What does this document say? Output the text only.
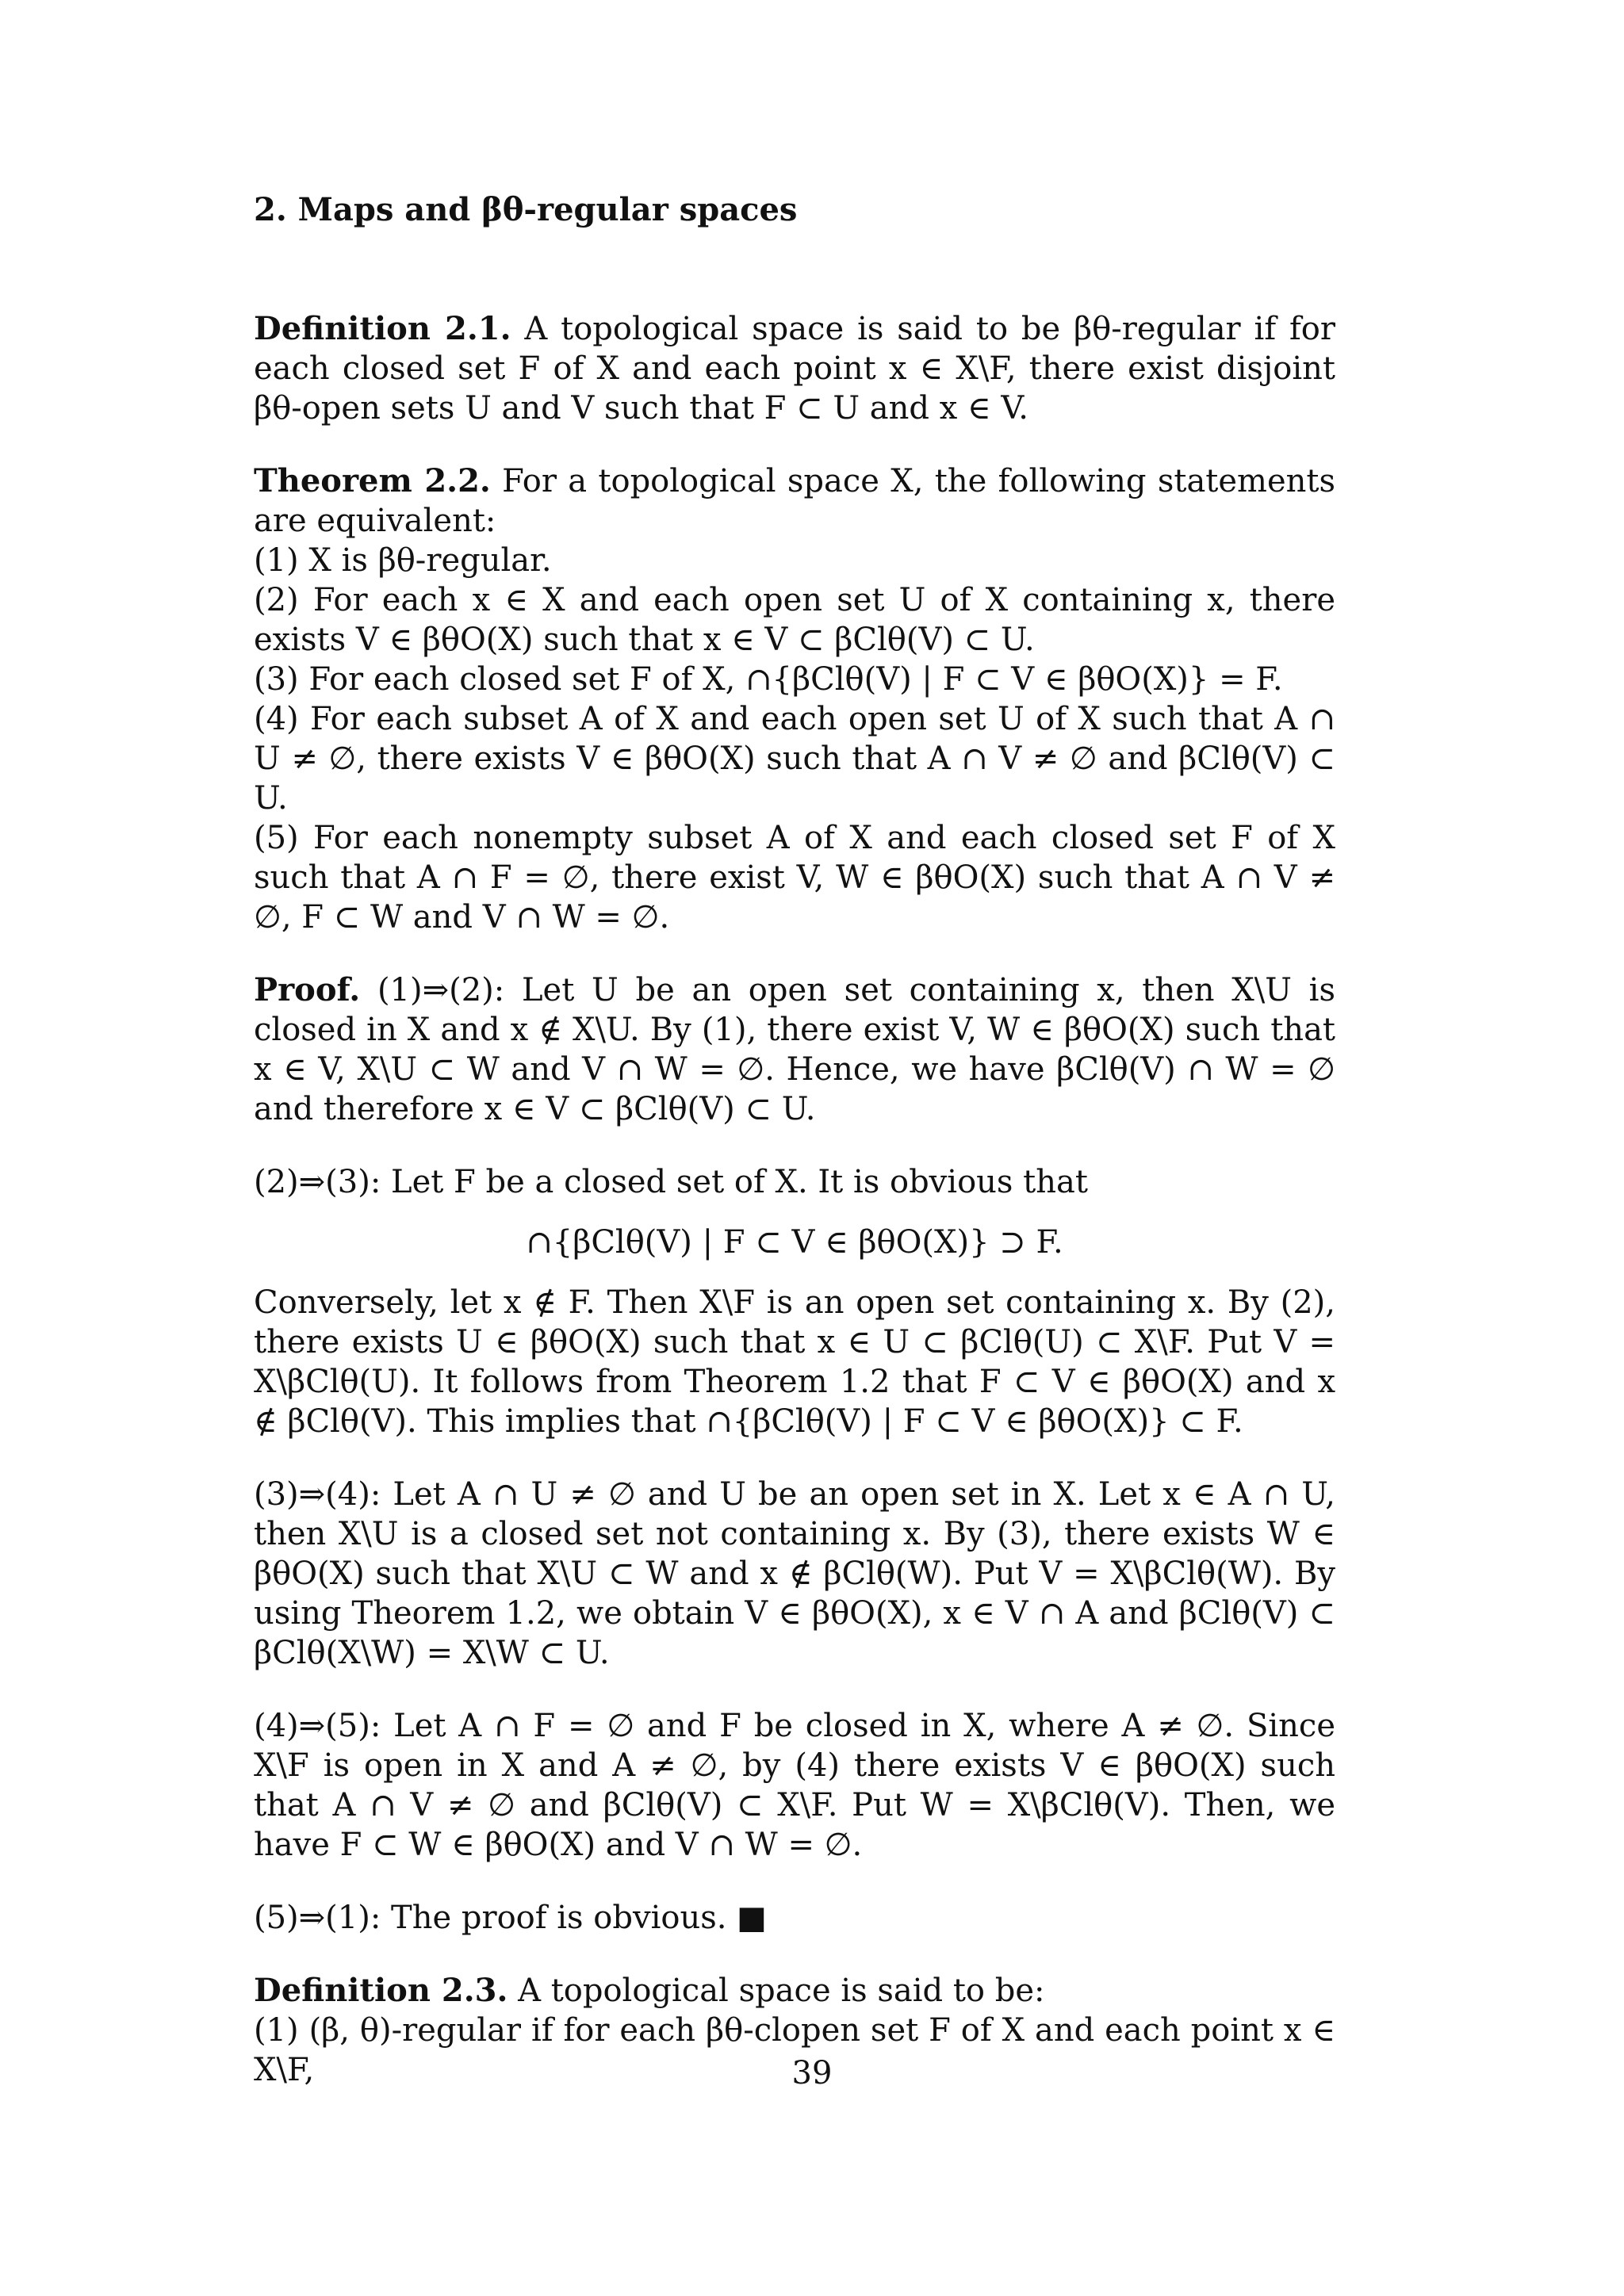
2. Maps and βθ-regular spaces
Definition 2.1. A topological space is said to be βθ-regular if for each closed set F of X and each point x ∈ X\F, there exist disjoint βθ-open sets U and V such that F ⊂ U and x ∈ V.
Theorem 2.2. For a topological space X, the following statements are equivalent:
(1) X is βθ-regular.
(2) For each x ∈ X and each open set U of X containing x, there exists V ∈ βθO(X) such that x ∈ V ⊂ βClθ(V) ⊂ U.
(3) For each closed set F of X, ∩{βClθ(V) | F ⊂ V ∈ βθO(X)} = F.
(4) For each subset A of X and each open set U of X such that A ∩ U ≠ ∅, there exists V ∈ βθO(X) such that A ∩ V ≠ ∅ and βClθ(V) ⊂ U.
(5) For each nonempty subset A of X and each closed set F of X such that A ∩ F = ∅, there exist V, W ∈ βθO(X) such that A ∩ V ≠ ∅, F ⊂ W and V ∩ W = ∅.
Proof. (1)⇒(2): Let U be an open set containing x, then X\U is closed in X and x ∉ X\U. By (1), there exist V, W ∈ βθO(X) such that x ∈ V, X\U ⊂ W and V ∩ W = ∅. Hence, we have βClθ(V) ∩ W = ∅ and therefore x ∈ V ⊂ βClθ(V) ⊂ U.
(2)⇒(3): Let F be a closed set of X. It is obvious that
∩{βClθ(V) | F ⊂ V ∈ βθO(X)} ⊃ F.
Conversely, let x ∉ F. Then X\F is an open set containing x. By (2), there exists U ∈ βθO(X) such that x ∈ U ⊂ βClθ(U) ⊂ X\F. Put V = X\βClθ(U). It follows from Theorem 1.2 that F ⊂ V ∈ βθO(X) and x ∉ βClθ(V). This implies that ∩{βClθ(V) | F ⊂ V ∈ βθO(X)} ⊂ F.
(3)⇒(4): Let A ∩ U ≠ ∅ and U be an open set in X. Let x ∈ A ∩ U, then X\U is a closed set not containing x. By (3), there exists W ∈ βθO(X) such that X\U ⊂ W and x ∉ βClθ(W). Put V = X\βClθ(W). By using Theorem 1.2, we obtain V ∈ βθO(X), x ∈ V ∩ A and βClθ(V) ⊂ βClθ(X\W) = X\W ⊂ U.
(4)⇒(5): Let A ∩ F = ∅ and F be closed in X, where A ≠ ∅. Since X\F is open in X and A ≠ ∅, by (4) there exists V ∈ βθO(X) such that A ∩ V ≠ ∅ and βClθ(V) ⊂ X\F. Put W = X\βClθ(V). Then, we have F ⊂ W ∈ βθO(X) and V ∩ W = ∅.
(5)⇒(1): The proof is obvious. ■
Definition 2.3. A topological space is said to be:
(1) (β, θ)-regular if for each βθ-clopen set F of X and each point x ∈ X\F,	39
